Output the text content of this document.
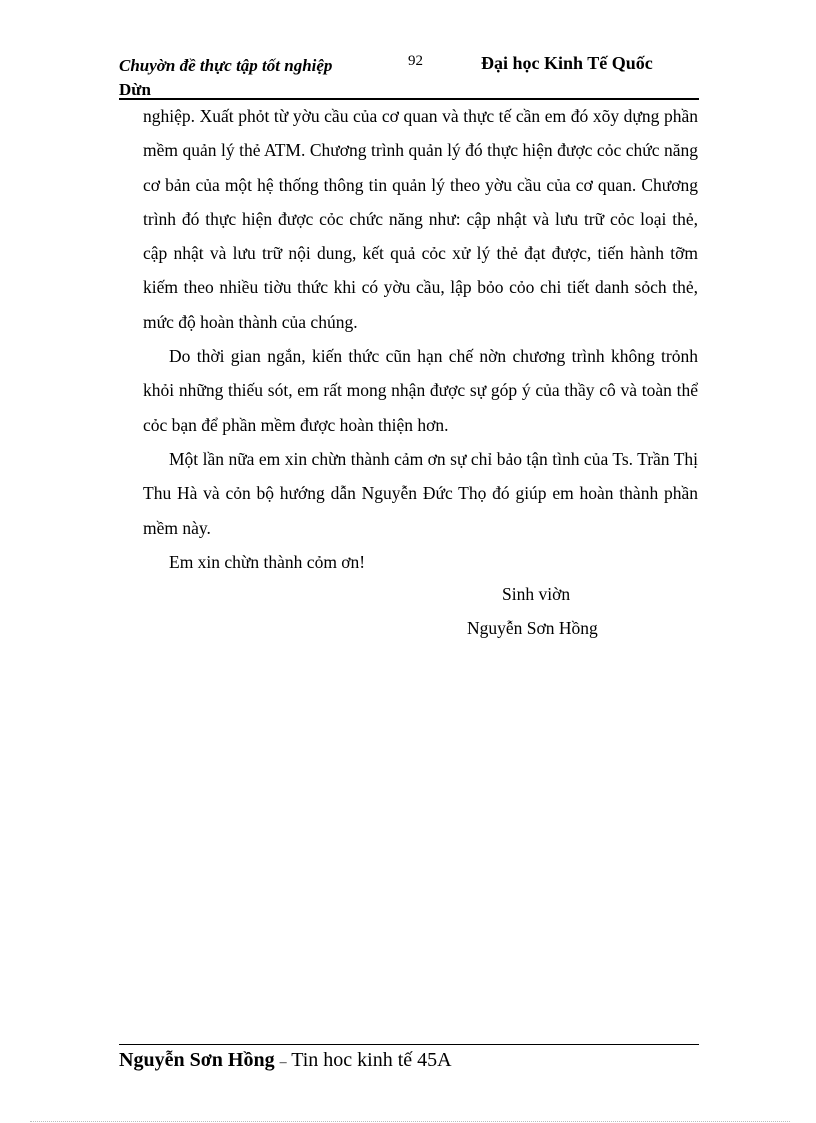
Chuyờn đề thực tập tốt nghiệp
Dừn
92	Đại học Kinh Tế Quốc

nghiệp. Xuất phỏt từ yờu cầu của cơ quan và thực tế cần em đó xõy dựng phần mềm quản lý thẻ ATM. Chương trình quản lý đó thực hiện được cỏc chức năng cơ bản của một hệ thống thông tin quản lý theo yờu cầu của cơ quan. Chương trình đó thực hiện được cỏc chức năng như: cập nhật và lưu trữ cỏc loại thẻ, cập nhật và lưu trữ nội dung, kết quả cỏc xử lý thẻ đạt được, tiến hành tỡm kiếm theo nhiều tiờu thức khi có yờu cầu, lập bỏo cỏo chi tiết danh sỏch thẻ, mức độ hoàn thành của chúng.

Do thời gian ngắn, kiến thức cũn hạn chế nờn chương trình không trỏnh khỏi những thiếu sót, em rất mong nhận được sự góp ý của thầy cô và toàn thể cỏc bạn để phần mềm được hoàn thiện hơn.

Một lần nữa em xin chừn thành cảm ơn sự chỉ bảo tận tình của Ts. Trần Thị Thu Hà và cỏn bộ hướng dẫn Nguyễn Đức Thọ đó giúp em hoàn thành phần mềm này.

Em xin chừn thành cỏm ơn!

Sinh viờn
Nguyễn Sơn Hồng
Nguyễn Sơn Hồng – Tin hoc kinh tế 45A
